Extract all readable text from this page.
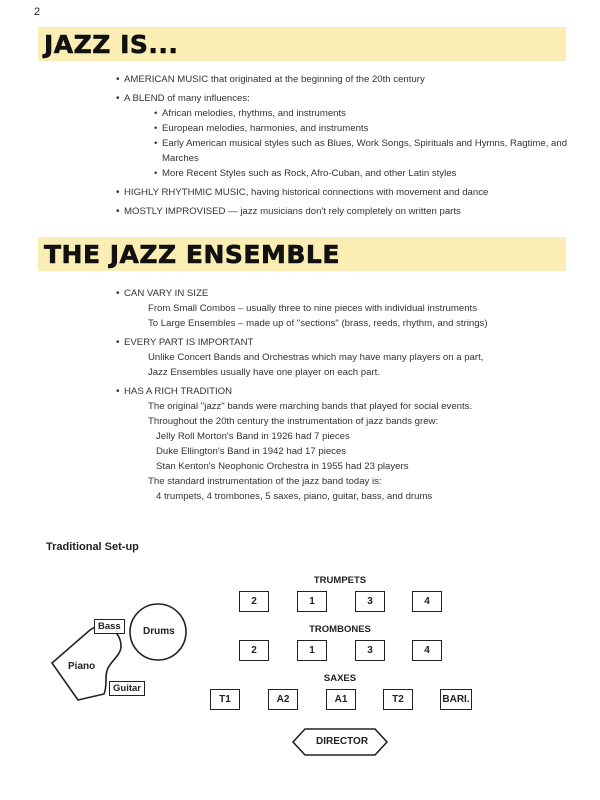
2
JAZZ IS...
• AMERICAN MUSIC that originated at the beginning of the 20th century
• A BLEND of many influences:
• African melodies, rhythms, and instruments
• European melodies, harmonies, and instruments
• Early American musical styles such as Blues, Work Songs, Spirituals and Hymns, Ragtime, and Marches
• More Recent Styles such as Rock, Afro-Cuban, and other Latin styles
• HIGHLY RHYTHMIC MUSIC, having historical connections with movement and dance
• MOSTLY IMPROVISED — jazz musicians don't rely completely on written parts
THE JAZZ ENSEMBLE
• CAN VARY IN SIZE
From Small Combos – usually three to nine pieces with individual instruments
To Large Ensembles – made up of "sections" (brass, reeds, rhythm, and strings)
• EVERY PART IS IMPORTANT
Unlike Concert Bands and Orchestras which may have many players on a part,
Jazz Ensembles usually have one player on each part.
• HAS A RICH TRADITION
The original "jazz" bands were marching bands that played for social events.
Throughout the 20th century the instrumentation of jazz bands grew:
Jelly Roll Morton's Band in 1926 had 7 pieces
Duke Ellington's Band in 1942 had 17 pieces
Stan Kenton's Neophonic Orchestra in 1955 had 23 players
The standard instrumentation of the jazz band today is:
4 trumpets, 4 trombones, 5 saxes, piano, guitar, bass, and drums
Traditional Set-up
Bass	Drums
Piano
Guitar
TRUMPETS
2	1	3	4
TROMBONES
2	1	3	4
SAXES
T1	A2	A1	T2	BARI.
DIRECTOR
